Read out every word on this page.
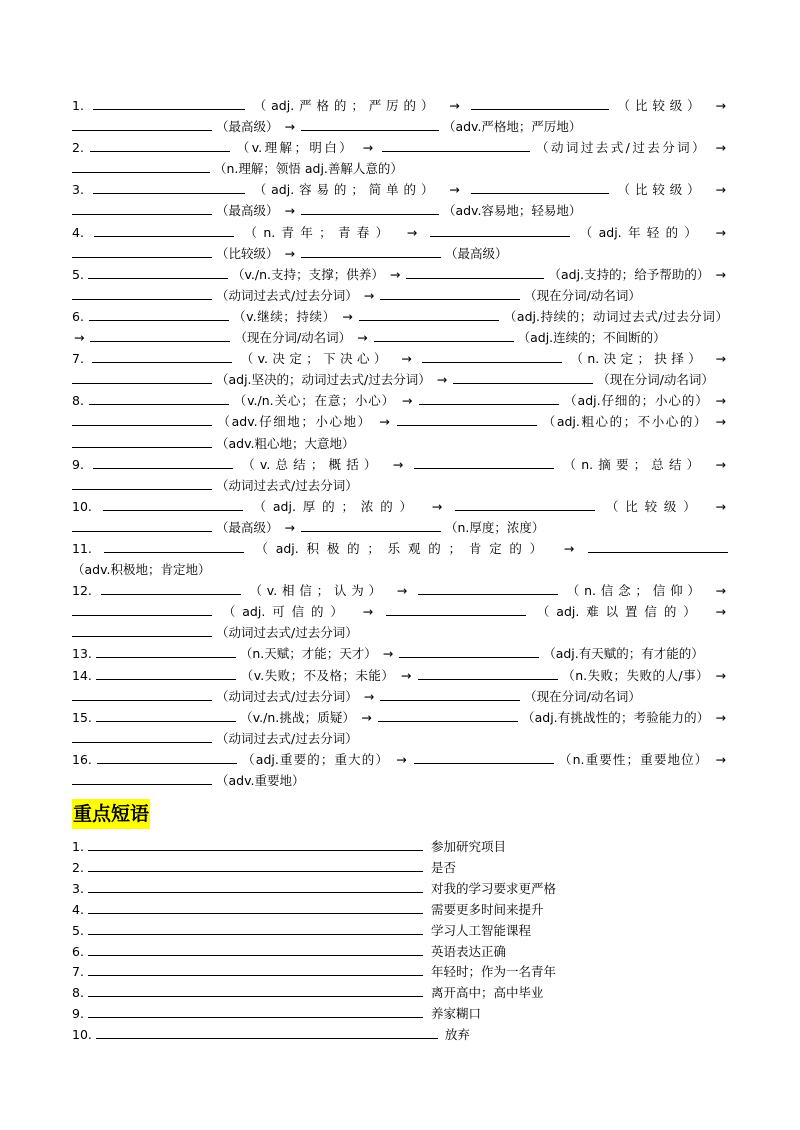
1.	（adj.严格的；严厉的） →	（比较级） →  （最高级） →	（adv.严格地；严厉地）
2.	（v.理解；明白） →	（动词过去式/过去分词） →  （n.理解；领悟 adj.善解人意的）
3.	（adj.容易的；简单的） →	（比较级） →  （最高级） →	（adv.容易地；轻易地）
4.	（n.青年；青春） →	（adj.年轻的） →  （比较级） →	（最高级）
5.	（v./n.支持；支撑；供养） →	（adj.支持的；给予帮助的） →  （动词过去式/过去分词） →	（现在分词/动名词）
6.	（v.继续；持续） →	（adj.持续的；动词过去式/过去分词） →	（现在分词/动名词） →	（adj.连续的；不间断的）
7.	（v.决定；下决心） →	（n.决定；抉择） →  （adj.坚决的；动词过去式/过去分词） →	（现在分词/动名词）
8.	（v./n.关心；在意；小心） →	（adj.仔细的；小心的） →  （adv.仔细地；小心地） →	（adj.粗心的；不小心的） →  （adv.粗心地；大意地）
9.	（v.总结；概括） →	（n.摘要；总结） →  （动词过去式/过去分词）
10.	（adj.厚的；浓的） →	（比较级） →  （最高级） →	（n.厚度；浓度）
11.	（adj.积极的；乐观的；肯定的） →  （adv.积极地；肯定地）
12.	（v.相信；认为） →	（n.信念；信仰） →  （adj.可信的） →	（adj.难以置信的） →  （动词过去式/过去分词）
13.	（n.天赋；才能；天才） →	（adj.有天赋的；有才能的）
14.	（v.失败；不及格；未能） →	（n.失败；失败的人/事） →  （动词过去式/过去分词） →	（现在分词/动名词）
15.	（v./n.挑战；质疑） →	（adj.有挑战性的；考验能力的） →  （动词过去式/过去分词）
16.	（adj.重要的；重大的） →	（n.重要性；重要地位） →  （adv.重要地）
重点短语
1.	参加研究项目
2.	是否
3.	对我的学习要求更严格
4.	需要更多时间来提升
5.	学习人工智能课程
6.	英语表达正确
7.	年轻时；作为一名青年
8.	离开高中；高中毕业
9.	养家糊口
10.	放弃
